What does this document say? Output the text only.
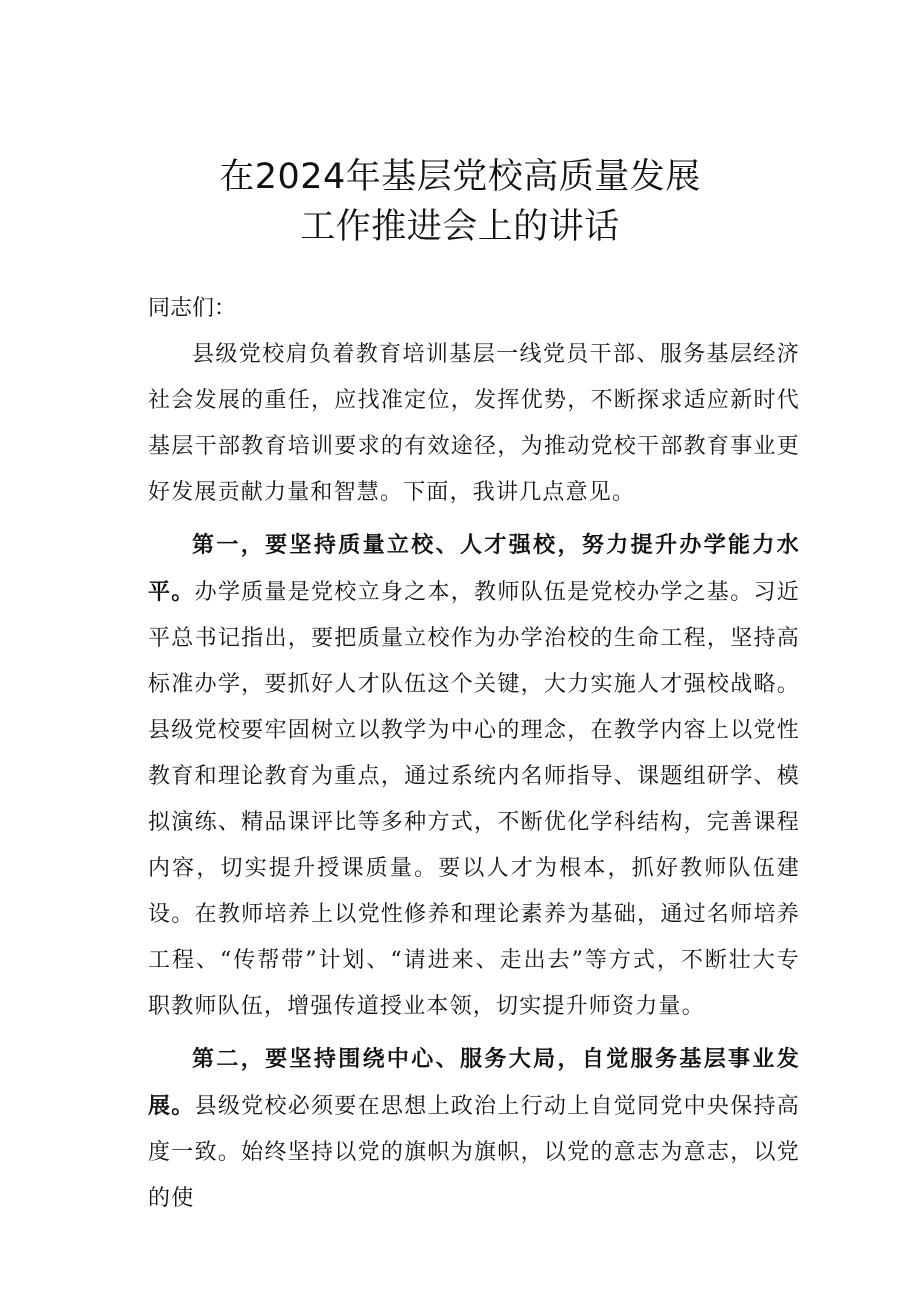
在2024年基层党校高质量发展
工作推进会上的讲话

同志们：

县级党校肩负着教育培训基层一线党员干部、服务基层经济社会发展的重任，应找准定位，发挥优势，不断探求适应新时代基层干部教育培训要求的有效途径，为推动党校干部教育事业更好发展贡献力量和智慧。下面，我讲几点意见。

第一，要坚持质量立校、人才强校，努力提升办学能力水平。办学质量是党校立身之本，教师队伍是党校办学之基。习近平总书记指出，要把质量立校作为办学治校的生命工程，坚持高标准办学，要抓好人才队伍这个关键，大力实施人才强校战略。县级党校要牢固树立以教学为中心的理念，在教学内容上以党性教育和理论教育为重点，通过系统内名师指导、课题组研学、模拟演练、精品课评比等多种方式，不断优化学科结构，完善课程内容，切实提升授课质量。要以人才为根本，抓好教师队伍建设。在教师培养上以党性修养和理论素养为基础，通过名师培养工程、“传帮带”计划、“请进来、走出去”等方式，不断壮大专职教师队伍，增强传道授业本领，切实提升师资力量。

第二，要坚持围绕中心、服务大局，自觉服务基层事业发展。县级党校必须要在思想上政治上行动上自觉同党中央保持高度一致。始终坚持以党的旗帜为旗帜，以党的意志为意志，以党的使
